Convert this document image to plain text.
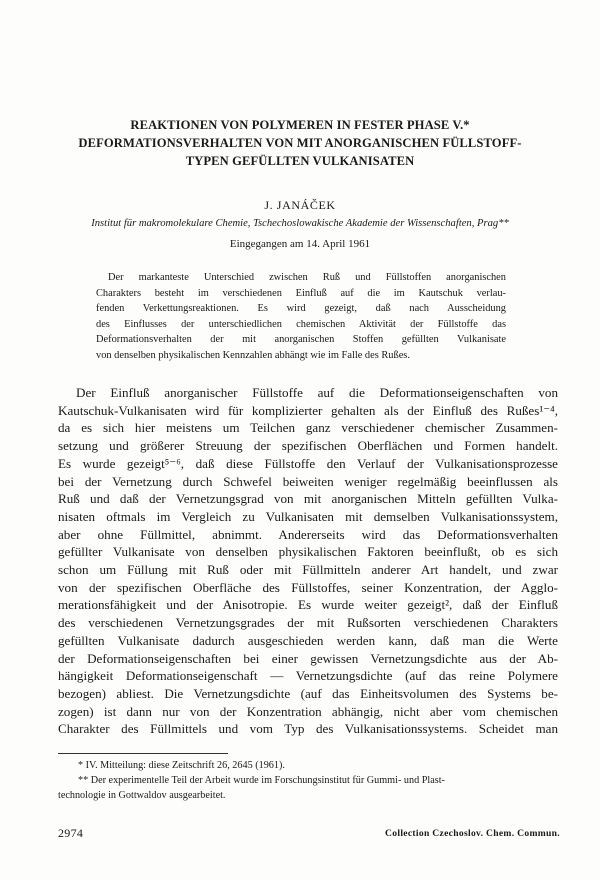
REAKTIONEN VON POLYMEREN IN FESTER PHASE V.*
DEFORMATIONSVERHALTEN VON MIT ANORGANISCHEN FÜLLSTOFF-
TYPEN GEFÜLLTEN VULKANISATEN
J. JANÁČEK
Institut für makromolekulare Chemie, Tschechoslowakische Akademie der Wissenschaften, Prag**
Eingegangen am 14. April 1961
Der markanteste Unterschied zwischen Ruß und Füllstoffen anorganischen
Charakters besteht im verschiedenen Einfluß auf die im Kautschuk verlau-
fenden Verkettungsreaktionen. Es wird gezeigt, daß nach Ausscheidung
des Einflusses der unterschiedlichen chemischen Aktivität der Füllstoffe das
Deformationsverhalten der mit anorganischen Stoffen gefüllten Vulkanisate
von denselben physikalischen Kennzahlen abhängt wie im Falle des Rußes.
Der Einfluß anorganischer Füllstoffe auf die Deformationseigenschaften von
Kautschuk-Vulkanisaten wird für komplizierter gehalten als der Einfluß des Rußes¹⁻⁴,
da es sich hier meistens um Teilchen ganz verschiedener chemischer Zusammen-
setzung und größerer Streuung der spezifischen Oberflächen und Formen handelt.
Es wurde gezeigt⁵⁻⁶, daß diese Füllstoffe den Verlauf der Vulkanisationsprozesse
bei der Vernetzung durch Schwefel beiweiten weniger regelmäßig beeinflussen als
Ruß und daß der Vernetzungsgrad von mit anorganischen Mitteln gefüllten Vulka-
nisaten oftmals im Vergleich zu Vulkanisaten mit demselben Vulkanisationssystem,
aber ohne Füllmittel, abnimmt. Andererseits wird das Deformationsverhalten
gefüllter Vulkanisate von denselben physikalischen Faktoren beeinflußt, ob es sich
schon um Füllung mit Ruß oder mit Füllmitteln anderer Art handelt, und zwar
von der spezifischen Oberfläche des Füllstoffes, seiner Konzentration, der Agglo-
merationsfähigkeit und der Anisotropie. Es wurde weiter gezeigt², daß der Einfluß
des verschiedenen Vernetzungsgrades der mit Rußsorten verschiedenen Charakters
gefüllten Vulkanisate dadurch ausgeschieden werden kann, daß man die Werte
der Deformationseigenschaften bei einer gewissen Vernetzungsdichte aus der Ab-
hängigkeit Deformationseigenschaft — Vernetzungsdichte (auf das reine Polymere
bezogen) abliest. Die Vernetzungsdichte (auf das Einheitsvolumen des Systems be-
zogen) ist dann nur von der Konzentration abhängig, nicht aber vom chemischen
Charakter des Füllmittels und vom Typ des Vulkanisationssystems. Scheidet man
* IV. Mitteilung: diese Zeitschrift 26, 2645 (1961).
** Der experimentelle Teil der Arbeit wurde im Forschungsinstitut für Gummi- und Plast-
technologie in Gottwaldov ausgearbeitet.
2974	Collection Czechoslov. Chem. Commun.
